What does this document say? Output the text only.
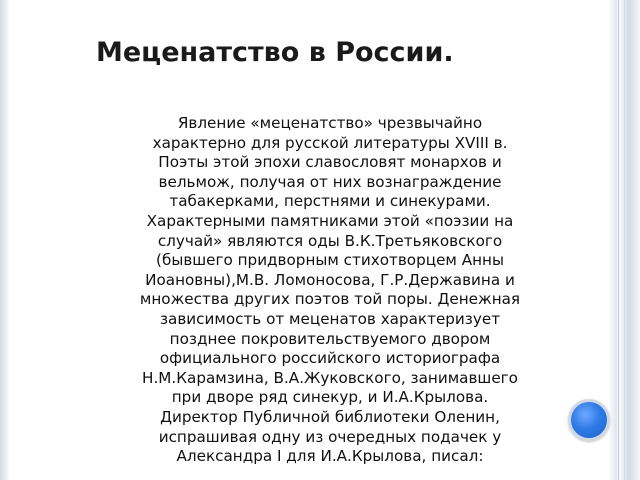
Меценатство в России.
Явление «меценатство» чрезвычайно
характерно для русской литературы XVIII в.
Поэты этой эпохи славословят монархов и
вельмож, получая от них вознаграждение
табакерками, перстнями и синекурами.
Характерными памятниками этой «поэзии на
случай» являются оды В.К.Третьяковского
(бывшего придворным стихотворцем Анны
Иоановны),М.В. Ломоносова, Г.Р.Державина и
множества других поэтов той поры. Денежная
зависимость от меценатов характеризует
позднее покровительствуемого двором
официального российского историографа
Н.М.Карамзина, В.А.Жуковского, занимавшего
при дворе ряд синекур, и И.А.Крылова.
Директор Публичной библиотеки Оленин,
испрашивая одну из очередных подачек у
Александра I для И.А.Крылова, писал:
